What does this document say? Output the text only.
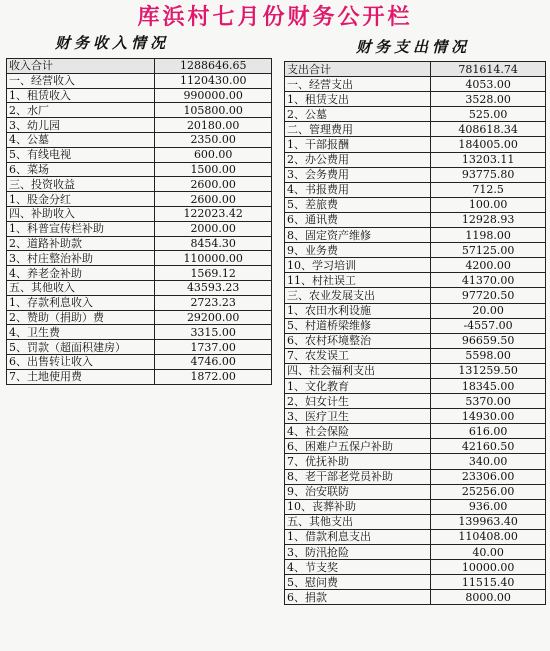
库浜村七月份财务公开栏
财务收入情况	财务支出情况
收入合计	1288646.65
一、经营收入	1120430.00
1、租赁收入	990000.00
2、水厂	105800.00
3、幼儿园	20180.00
4、公墓	2350.00
5、有线电视	600.00
6、菜场	1500.00
三、投资收益	2600.00
1、股金分红	2600.00
四、补助收入	122023.42
1、科普宣传栏补助	2000.00
2、道路补助款	8454.30
3、村庄整治补助	110000.00
4、养老金补助	1569.12
五、其他收入	43593.23
1、存款利息收入	2723.23
2、赞助（捐助）费	29200.00
4、卫生费	3315.00
5、罚款（超面积建房）	1737.00
6、出售转让收入	4746.00
7、土地使用费	1872.00
支出合计	781614.74
一、经营支出	4053.00
1、租赁支出	3528.00
2、公墓	525.00
二、管理费用	408618.34
1、干部报酬	184005.00
2、办公费用	13203.11
3、会务费用	93775.80
4、书报费用	712.5
5、差旅费	100.00
6、通讯费	12928.93
8、固定资产维修	1198.00
9、业务费	57125.00
10、学习培训	4200.00
11、村社误工	41370.00
三、农业发展支出	97720.50
1、农田水利设施	20.00
5、村道桥梁维修	-4557.00
6、农村环境整治	96659.50
7、农发误工	5598.00
四、社会福利支出	131259.50
1、文化教育	18345.00
2、妇女计生	5370.00
3、医疗卫生	14930.00
4、社会保险	616.00
6、困难户五保户补助	42160.50
7、优抚补助	340.00
8、老干部老党员补助	23306.00
9、治安联防	25256.00
10、丧葬补助	936.00
五、其他支出	139963.40
1、借款利息支出	110408.00
3、防汛抢险	40.00
4、节支奖	10000.00
5、慰问费	11515.40
6、捐款	8000.00
